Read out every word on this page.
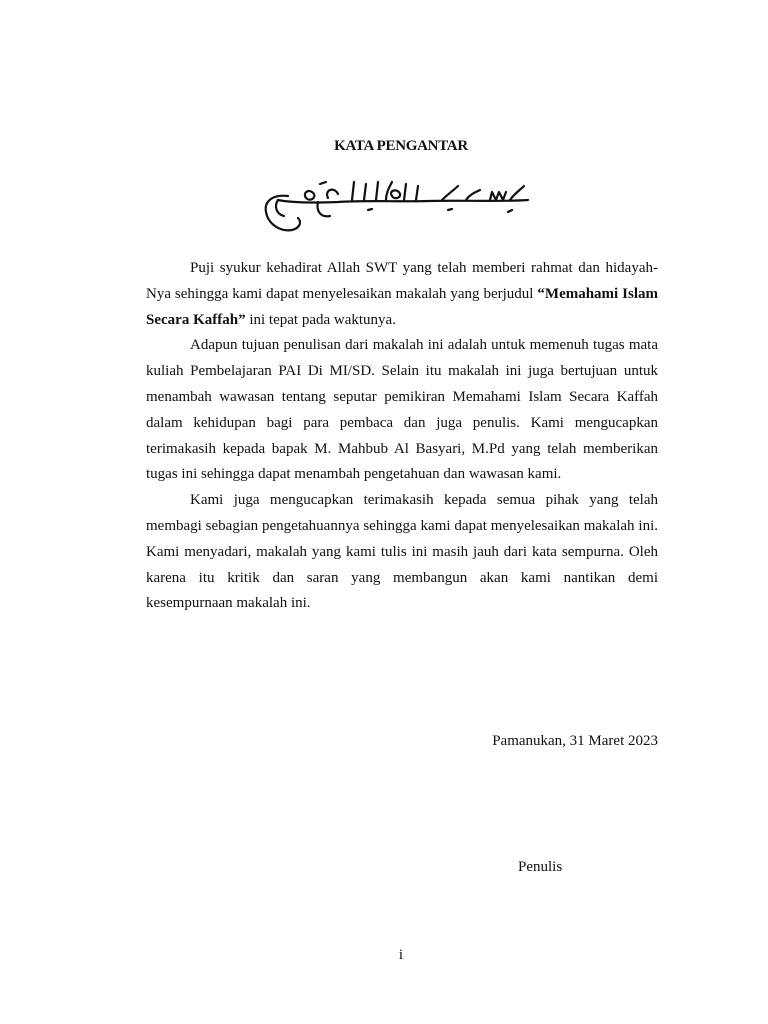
KATA PENGANTAR

Puji syukur kehadirat Allah SWT yang telah memberi rahmat dan hidayah-Nya sehingga kami dapat menyelesaikan makalah yang berjudul “Memahami Islam Secara Kaffah” ini tepat pada waktunya.

Adapun tujuan penulisan dari makalah ini adalah untuk memenuh tugas mata kuliah Pembelajaran PAI Di MI/SD. Selain itu makalah ini juga bertujuan untuk menambah wawasan tentang seputar pemikiran Memahami Islam Secara Kaffah dalam kehidupan bagi para pembaca dan juga penulis. Kami mengucapkan terimakasih kepada bapak M. Mahbub Al Basyari, M.Pd yang telah memberikan tugas ini sehingga dapat menambah pengetahuan dan wawasan kami.

Kami juga mengucapkan terimakasih kepada semua pihak yang telah membagi sebagian pengetahuannya sehingga kami dapat menyelesaikan makalah ini. Kami menyadari, makalah yang kami tulis ini masih jauh dari kata sempurna. Oleh karena itu kritik dan saran yang membangun akan kami nantikan demi kesempurnaan makalah ini.

Pamanukan, 31 Maret 2023
Penulis
i
